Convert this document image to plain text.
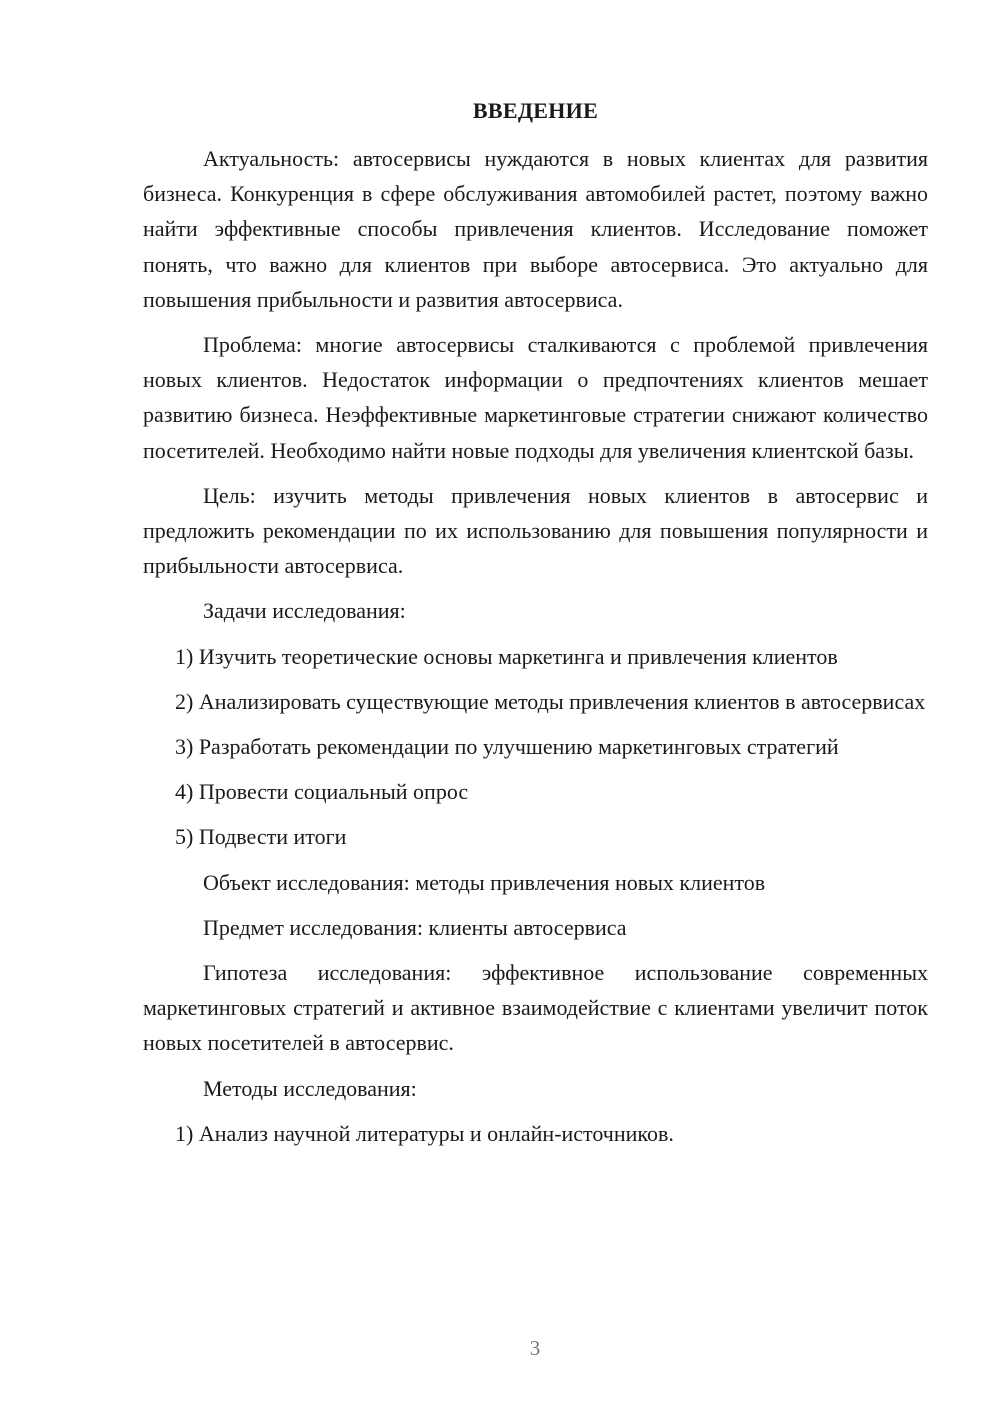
ВВЕДЕНИЕ

Актуальность: автосервисы нуждаются в новых клиентах для развития бизнеса. Конкуренция в сфере обслуживания автомобилей растет, поэтому важно найти эффективные способы привлечения клиентов. Исследование поможет понять, что важно для клиентов при выборе автосервиса. Это актуально для повышения прибыльности и развития автосервиса.

Проблема: многие автосервисы сталкиваются с проблемой привлечения новых клиентов. Недостаток информации о предпочтениях клиентов мешает развитию бизнеса. Неэффективные маркетинговые стратегии снижают количество посетителей. Необходимо найти новые подходы для увеличения клиентской базы.

Цель: изучить методы привлечения новых клиентов в автосервис и предложить рекомендации по их использованию для повышения популярности и прибыльности автосервиса.

Задачи исследования:

1) Изучить теоретические основы маркетинга и привлечения клиентов

2) Анализировать существующие методы привлечения клиентов в автосервисах

3) Разработать рекомендации по улучшению маркетинговых стратегий

4) Провести социальный опрос

5) Подвести итоги

Объект исследования: методы привлечения новых клиентов

Предмет исследования: клиенты автосервиса

Гипотеза исследования: эффективное использование современных маркетинговых стратегий и активное взаимодействие с клиентами увеличит поток новых посетителей в автосервис.

Методы исследования:

1) Анализ научной литературы и онлайн-источников.

3
